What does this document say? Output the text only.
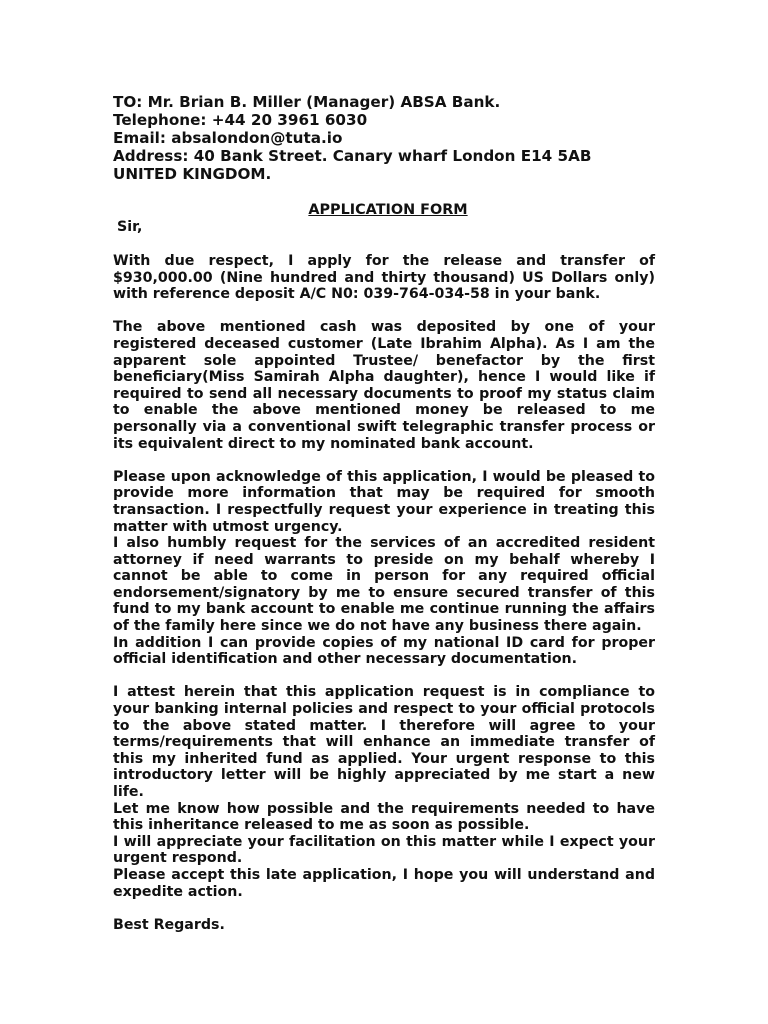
TO: Mr. Brian B. Miller (Manager) ABSA Bank.
Telephone: +44 20 3961 6030
Email: absalondon@tuta.io
Address: 40 Bank Street. Canary wharf London E14 5AB
UNITED KINGDOM.
APPLICATION FORM
Sir,

With due respect, I apply for the release and transfer of $930,000.00 (Nine hundred and thirty thousand) US Dollars only) with reference deposit A/C N0: 039-764-034-58 in your bank.

The above mentioned cash was deposited by one of your registered deceased customer (Late Ibrahim Alpha). As I am the apparent sole appointed Trustee/ benefactor by the first beneficiary(Miss Samirah Alpha daughter), hence I would like if required to send all necessary documents to proof my status claim to enable the above mentioned money be released to me personally via a conventional swift telegraphic transfer process or its equivalent direct to my nominated bank account.

Please upon acknowledge of this application, I would be pleased to provide more information that may be required for smooth transaction. I respectfully request your experience in treating this matter with utmost urgency.

I also humbly request for the services of an accredited resident attorney if need warrants to preside on my behalf whereby I cannot be able to come in person for any required official endorsement/signatory by me to ensure secured transfer of this fund to my bank account to enable me continue running the affairs of the family here since we do not have any business there again.

In addition I can provide copies of my national ID card for proper official identification and other necessary documentation.

I attest herein that this application request is in compliance to your banking internal policies and respect to your official protocols to the above stated matter. I therefore will agree to your terms/requirements that will enhance an immediate transfer of this my inherited fund as applied. Your urgent response to this introductory letter will be highly appreciated by me start a new life.

Let me know how possible and the requirements needed to have this inheritance released to me as soon as possible.

I will appreciate your facilitation on this matter while I expect your urgent respond.

Please accept this late application, I hope you will understand and expedite action.

Best Regards.
